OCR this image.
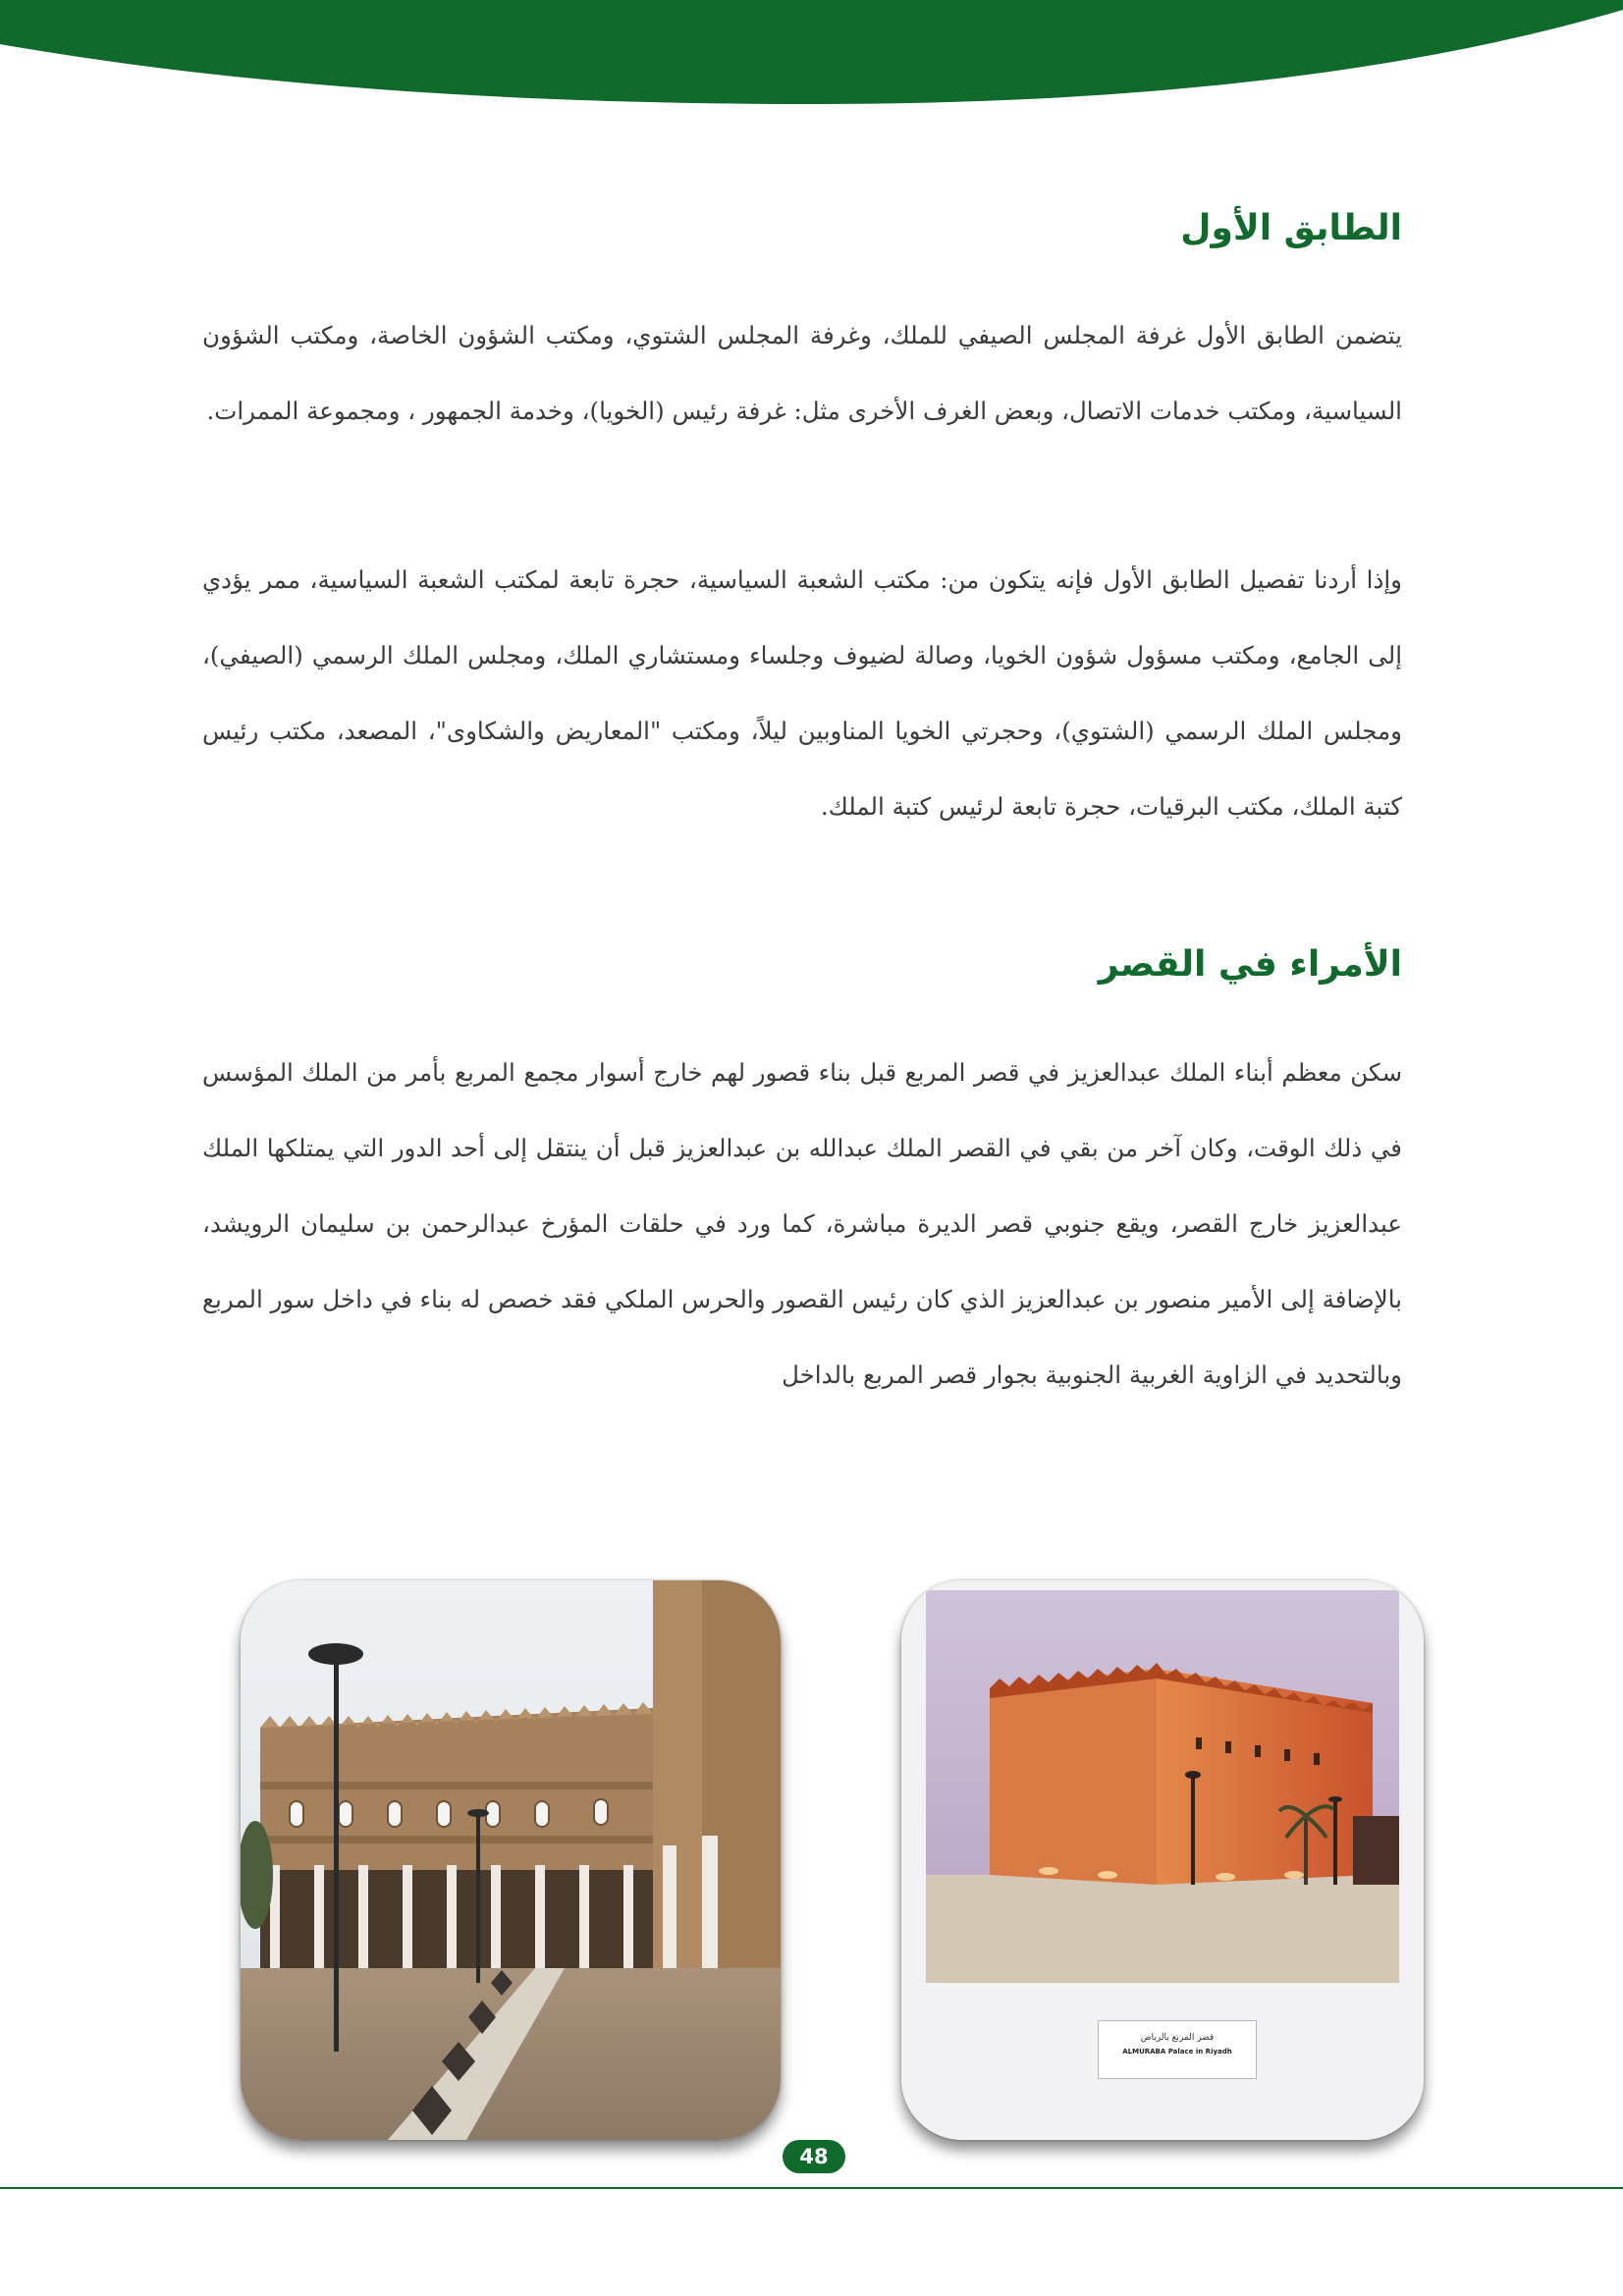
الطابق الأول

يتضمن الطابق الأول غرفة المجلس الصيفي للملك، وغرفة المجلس الشتوي، ومكتب الشؤون الخاصة، ومكتب الشؤون السياسية، ومكتب خدمات الاتصال، وبعض الغرف الأخرى مثل: غرفة رئيس (الخويا)، وخدمة الجمهور ، ومجموعة الممرات.

وإذا أردنا تفصيل الطابق الأول فإنه يتكون من: مكتب الشعبة السياسية، حجرة تابعة لمكتب الشعبة السياسية، ممر يؤدي إلى الجامع، ومكتب مسؤول شؤون الخويا، وصالة لضيوف وجلساء ومستشاري الملك، ومجلس الملك الرسمي (الصيفي)، ومجلس الملك الرسمي (الشتوي)، وحجرتي الخويا المناوبين ليلاً، ومكتب "المعاريض والشكاوى"، المصعد، مكتب رئيس كتبة الملك، مكتب البرقيات، حجرة تابعة لرئيس كتبة الملك.

الأمراء في القصر

سكن معظم أبناء الملك عبدالعزيز في قصر المربع قبل بناء قصور لهم خارج أسوار مجمع المربع بأمر من الملك المؤسس في ذلك الوقت، وكان آخر من بقي في القصر الملك عبدالله بن عبدالعزيز قبل أن ينتقل إلى أحد الدور التي يمتلكها الملك عبدالعزيز خارج القصر، ويقع جنوبي قصر الديرة مباشرة، كما ورد في حلقات المؤرخ عبدالرحمن بن سليمان الرويشد، بالإضافة إلى الأمير منصور بن عبدالعزيز الذي كان رئيس القصور والحرس الملكي فقد خصص له بناء في داخل سور المربع وبالتحديد في الزاوية الغربية الجنوبية بجوار قصر المربع بالداخل

قصر المربع بالرياض
ALMURABA Palace in Riyadh
48
